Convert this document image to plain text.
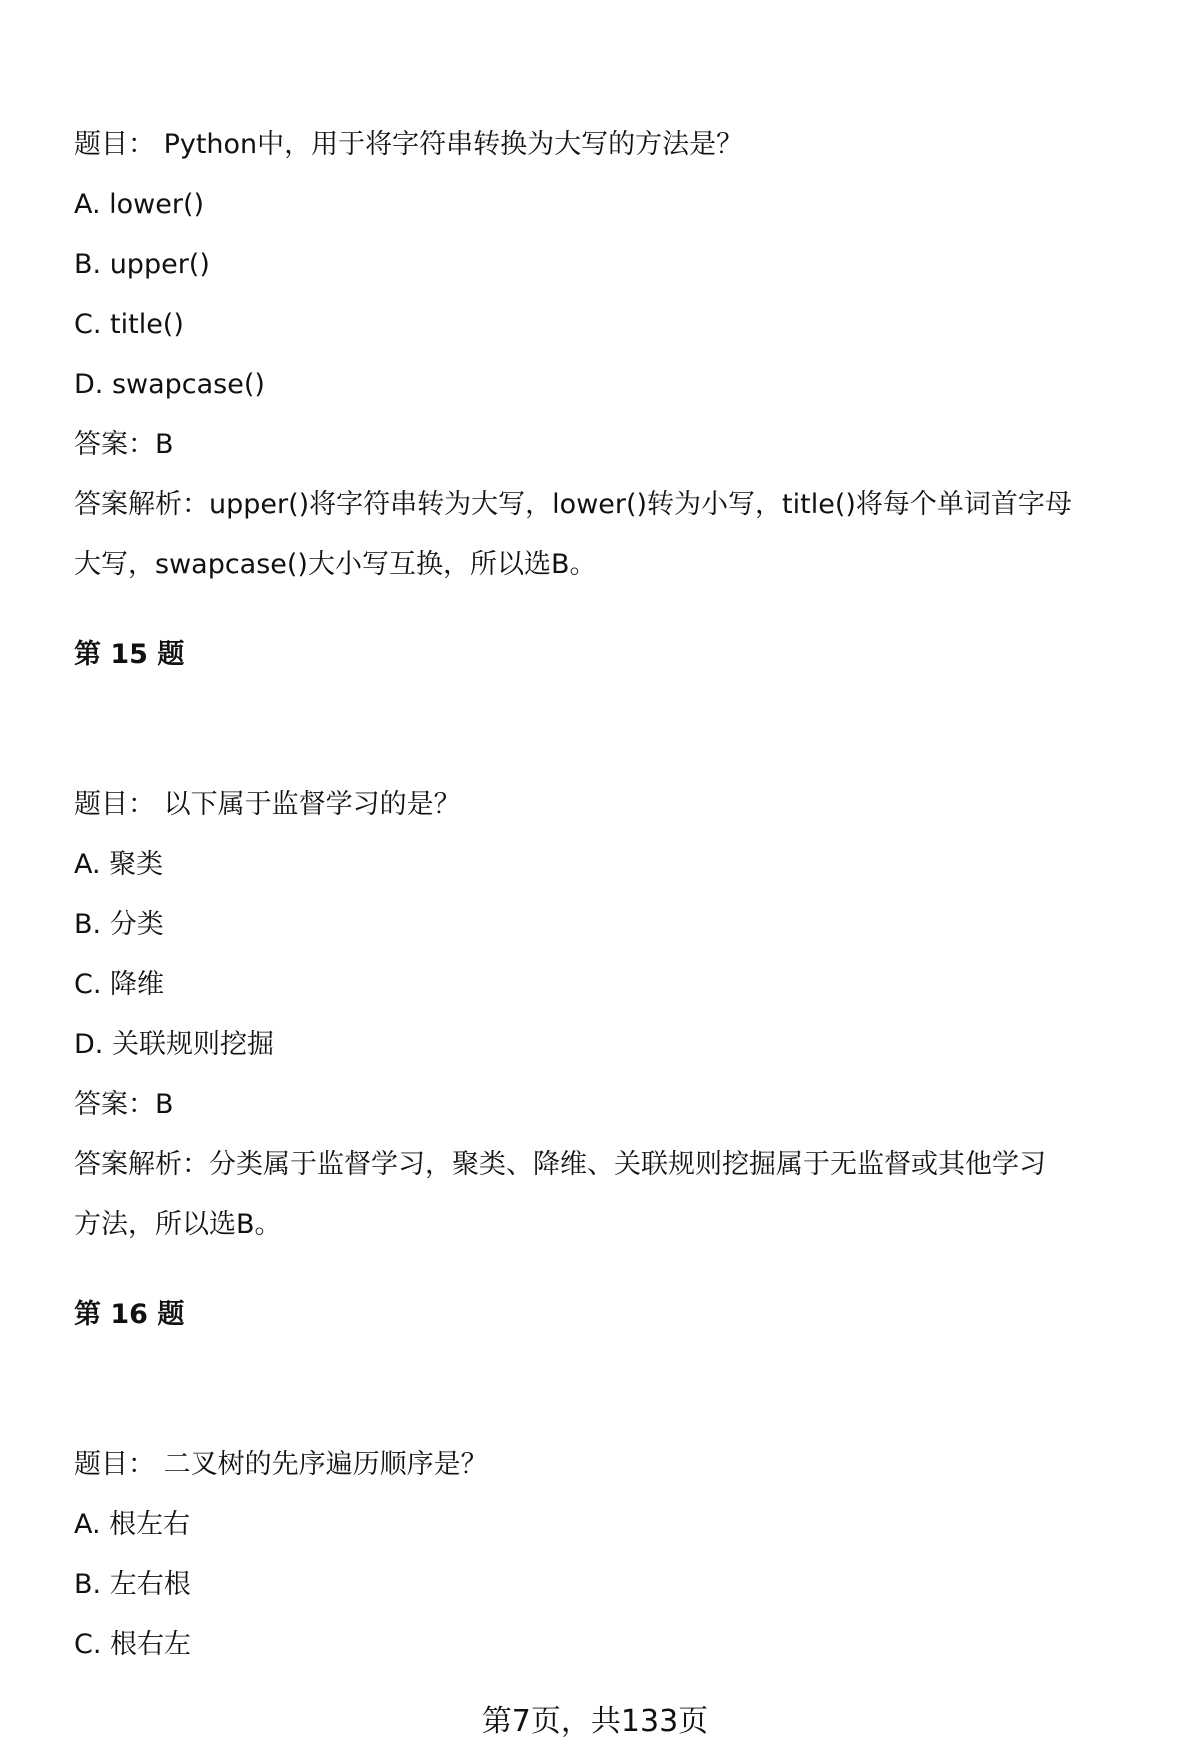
题目： Python中，用于将字符串转换为大写的方法是？
A. lower()
B. upper()
C. title()
D. swapcase()
答案：B
答案解析：upper()将字符串转为大写，lower()转为小写，title()将每个单词首字母
大写，swapcase()大小写互换，所以选B。
第 15 题
题目： 以下属于监督学习的是？
A. 聚类
B. 分类
C. 降维
D. 关联规则挖掘
答案：B
答案解析：分类属于监督学习，聚类、降维、关联规则挖掘属于无监督或其他学习
方法，所以选B。
第 16 题
题目： 二叉树的先序遍历顺序是？
A. 根左右
B. 左右根
C. 根右左
第7页，共133页
